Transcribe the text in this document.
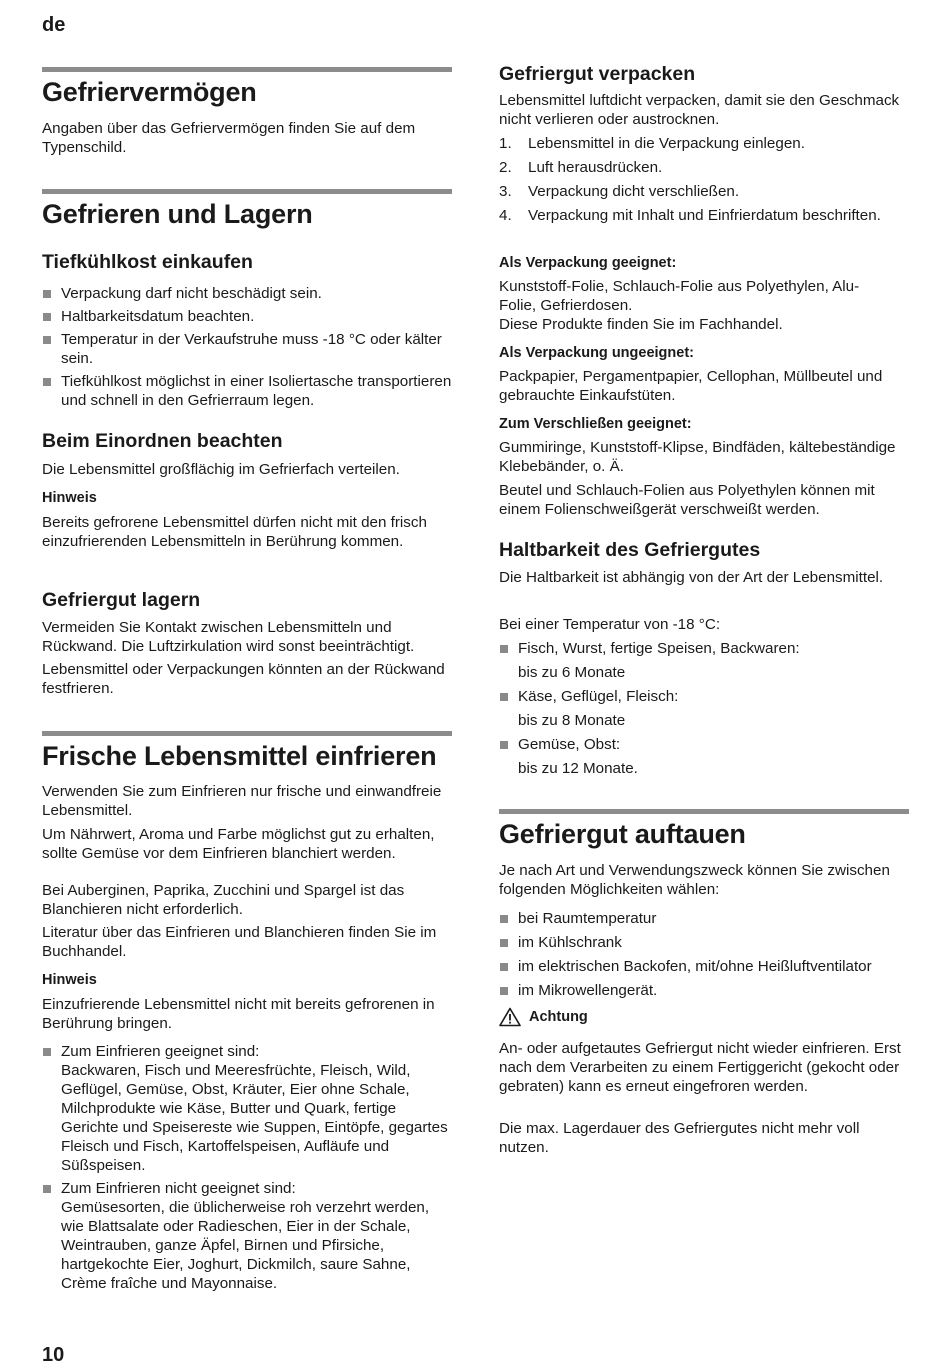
de
Gefriervermögen

Angaben über das Gefriervermögen finden Sie auf dem Typenschild.

Gefrieren und Lagern
Tiefkühlkost einkaufen
Verpackung darf nicht beschädigt sein.
Haltbarkeitsdatum beachten.
Temperatur in der Verkaufstruhe muss -18 °C oder kälter sein.
Tiefkühlkost möglichst in einer Isoliertasche transportieren und schnell in den Gefrierraum legen.
Beim Einordnen beachten

Die Lebensmittel großflächig im Gefrierfach verteilen.

Hinweis

Bereits gefrorene Lebensmittel dürfen nicht mit den frisch einzufrierenden Lebensmitteln in Berührung kommen.

Gefriergut lagern

Vermeiden Sie Kontakt zwischen Lebensmitteln und Rückwand. Die Luftzirkulation wird sonst beeinträchtigt.

Lebensmittel oder Verpackungen könnten an der Rückwand festfrieren.

Frische Lebensmittel einfrieren

Verwenden Sie zum Einfrieren nur frische und einwandfreie Lebensmittel.

Um Nährwert, Aroma und Farbe möglichst gut zu erhalten, sollte Gemüse vor dem Einfrieren blanchiert werden.

Bei Auberginen, Paprika, Zucchini und Spargel ist das Blanchieren nicht erforderlich.

Literatur über das Einfrieren und Blanchieren finden Sie im Buchhandel.

Hinweis

Einzufrierende Lebensmittel nicht mit bereits gefrorenen in Berührung bringen.

Zum Einfrieren geeignet sind:
Backwaren, Fisch und Meeresfrüchte, Fleisch, Wild, Geflügel, Gemüse, Obst, Kräuter, Eier ohne Schale, Milchprodukte wie Käse, Butter und Quark, fertige Gerichte und Speisereste wie Suppen, Eintöpfe, gegartes Fleisch und Fisch, Kartoffelspeisen, Aufläufe und Süßspeisen.
Zum Einfrieren nicht geeignet sind:
Gemüsesorten, die üblicherweise roh verzehrt werden, wie Blattsalate oder Radieschen, Eier in der Schale, Weintrauben, ganze Äpfel, Birnen und Pfirsiche, hartgekochte Eier, Joghurt, Dickmilch, saure Sahne, Crème fraîche und Mayonnaise.
Gefriergut verpacken

Lebensmittel luftdicht verpacken, damit sie den Geschmack nicht verlieren oder austrocknen.

1. Lebensmittel in die Verpackung einlegen.
2. Luft herausdrücken.
3. Verpackung dicht verschließen.
4. Verpackung mit Inhalt und Einfrierdatum beschriften.
Als Verpackung geeignet:

Kunststoff-Folie, Schlauch-Folie aus Polyethylen, Alu-Folie, Gefrierdosen.

Diese Produkte finden Sie im Fachhandel.

Als Verpackung ungeeignet:

Packpapier, Pergamentpapier, Cellophan, Müllbeutel und gebrauchte Einkaufstüten.

Zum Verschließen geeignet:

Gummiringe, Kunststoff-Klipse, Bindfäden, kältebeständige Klebebänder, o. Ä.

Beutel und Schlauch-Folien aus Polyethylen können mit einem Folienschweißgerät verschweißt werden.

Haltbarkeit des Gefriergutes

Die Haltbarkeit ist abhängig von der Art der Lebensmittel.

Bei einer Temperatur von -18 °C:

Fisch, Wurst, fertige Speisen, Backwaren:
bis zu 6 Monate
Käse, Geflügel, Fleisch:
bis zu 8 Monate
Gemüse, Obst:
bis zu 12 Monate.
Gefriergut auftauen

Je nach Art und Verwendungszweck können Sie zwischen folgenden Möglichkeiten wählen:

bei Raumtemperatur
im Kühlschrank
im elektrischen Backofen, mit/ohne Heißluftventilator
im Mikrowellengerät.
Achtung

An- oder aufgetautes Gefriergut nicht wieder einfrieren. Erst nach dem Verarbeiten zu einem Fertiggericht (gekocht oder gebraten) kann es erneut eingefroren werden.

Die max. Lagerdauer des Gefriergutes nicht mehr voll nutzen.

10
